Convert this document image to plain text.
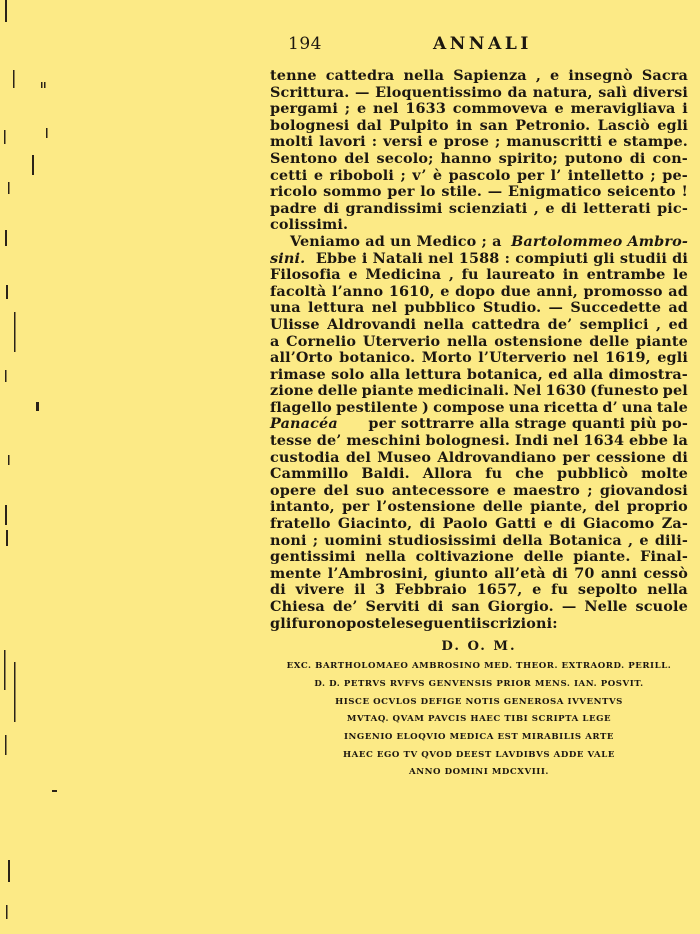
194	ANNALI
tenne cattedra nella Sapienza , e insegnò Sacra
Scrittura. — Eloquentissimo da natura, salì diversi
pergami ; e nel 1633 commoveva e meravigliava i
bolognesi dal Pulpito in san Petronio. Lasciò egli
molti lavori : versi e prose ; manuscritti e stampe.
Sentono del secolo; hanno spirito; putono di con-
cetti e riboboli ; v’ è pascolo per l’ intelletto ; pe-
ricolo sommo per lo stile. — Enigmatico seicento !
padre di grandissimi scienziati , e di letterati pic-
colissimi.
Veniamo ad un Medico ; a Bartolommeo Ambro-
sini. Ebbe i Natali nel 1588 : compiuti gli studii di
Filosofia e Medicina , fu laureato in entrambe le
facoltà l’anno 1610, e dopo due anni, promosso ad
una lettura nel pubblico Studio. — Succedette ad
Ulisse Aldrovandi nella cattedra de’ semplici , ed
a Cornelio Uterverio nella ostensione delle piante
all’Orto botanico. Morto l’Uterverio nel 1619, egli
rimase solo alla lettura botanica, ed alla dimostra-
zione delle piante medicinali. Nel 1630 (funesto pel
flagello pestilente ) compose una ricetta d’ una tale
Panacéa per sottrarre alla strage quanti più po-
tesse de’ meschini bolognesi. Indi nel 1634 ebbe la
custodia del Museo Aldrovandiano per cessione di
Cammillo Baldi. Allora fu che pubblicò molte
opere del suo antecessore e maestro ; giovandosi
intanto, per l’ostensione delle piante, del proprio
fratello Giacinto, di Paolo Gatti e di Giacomo Za-
noni ; uomini studiosissimi della Botanica , e dili-
gentissimi nella coltivazione delle piante. Final-
mente l’Ambrosini, giunto all’età di 70 anni cessò
di vivere il 3 Febbraio 1657, e fu sepolto nella
Chiesa de’ Serviti di san Giorgio. — Nelle scuole
gli furono poste le seguenti iscrizioni :
D. O. M.
EXC. BARTHOLOMAEO AMBROSINO MED. THEOR. EXTRAORD. PERILL.
D. D. PETRVS RVFVS GENVENSIS PRIOR MENS. IAN. POSVIT.
HISCE OCVLOS DEFIGE NOTIS GENEROSA IVVENTVS
MVTAQ. QVAM PAVCIS HAEC TIBI SCRIPTA LEGE
INGENIO ELOQVIO MEDICA EST MIRABILIS ARTE
HAEC EGO TV QVOD DEEST LAVDIBVS ADDE VALE
ANNO DOMINI MDCXVIII.
